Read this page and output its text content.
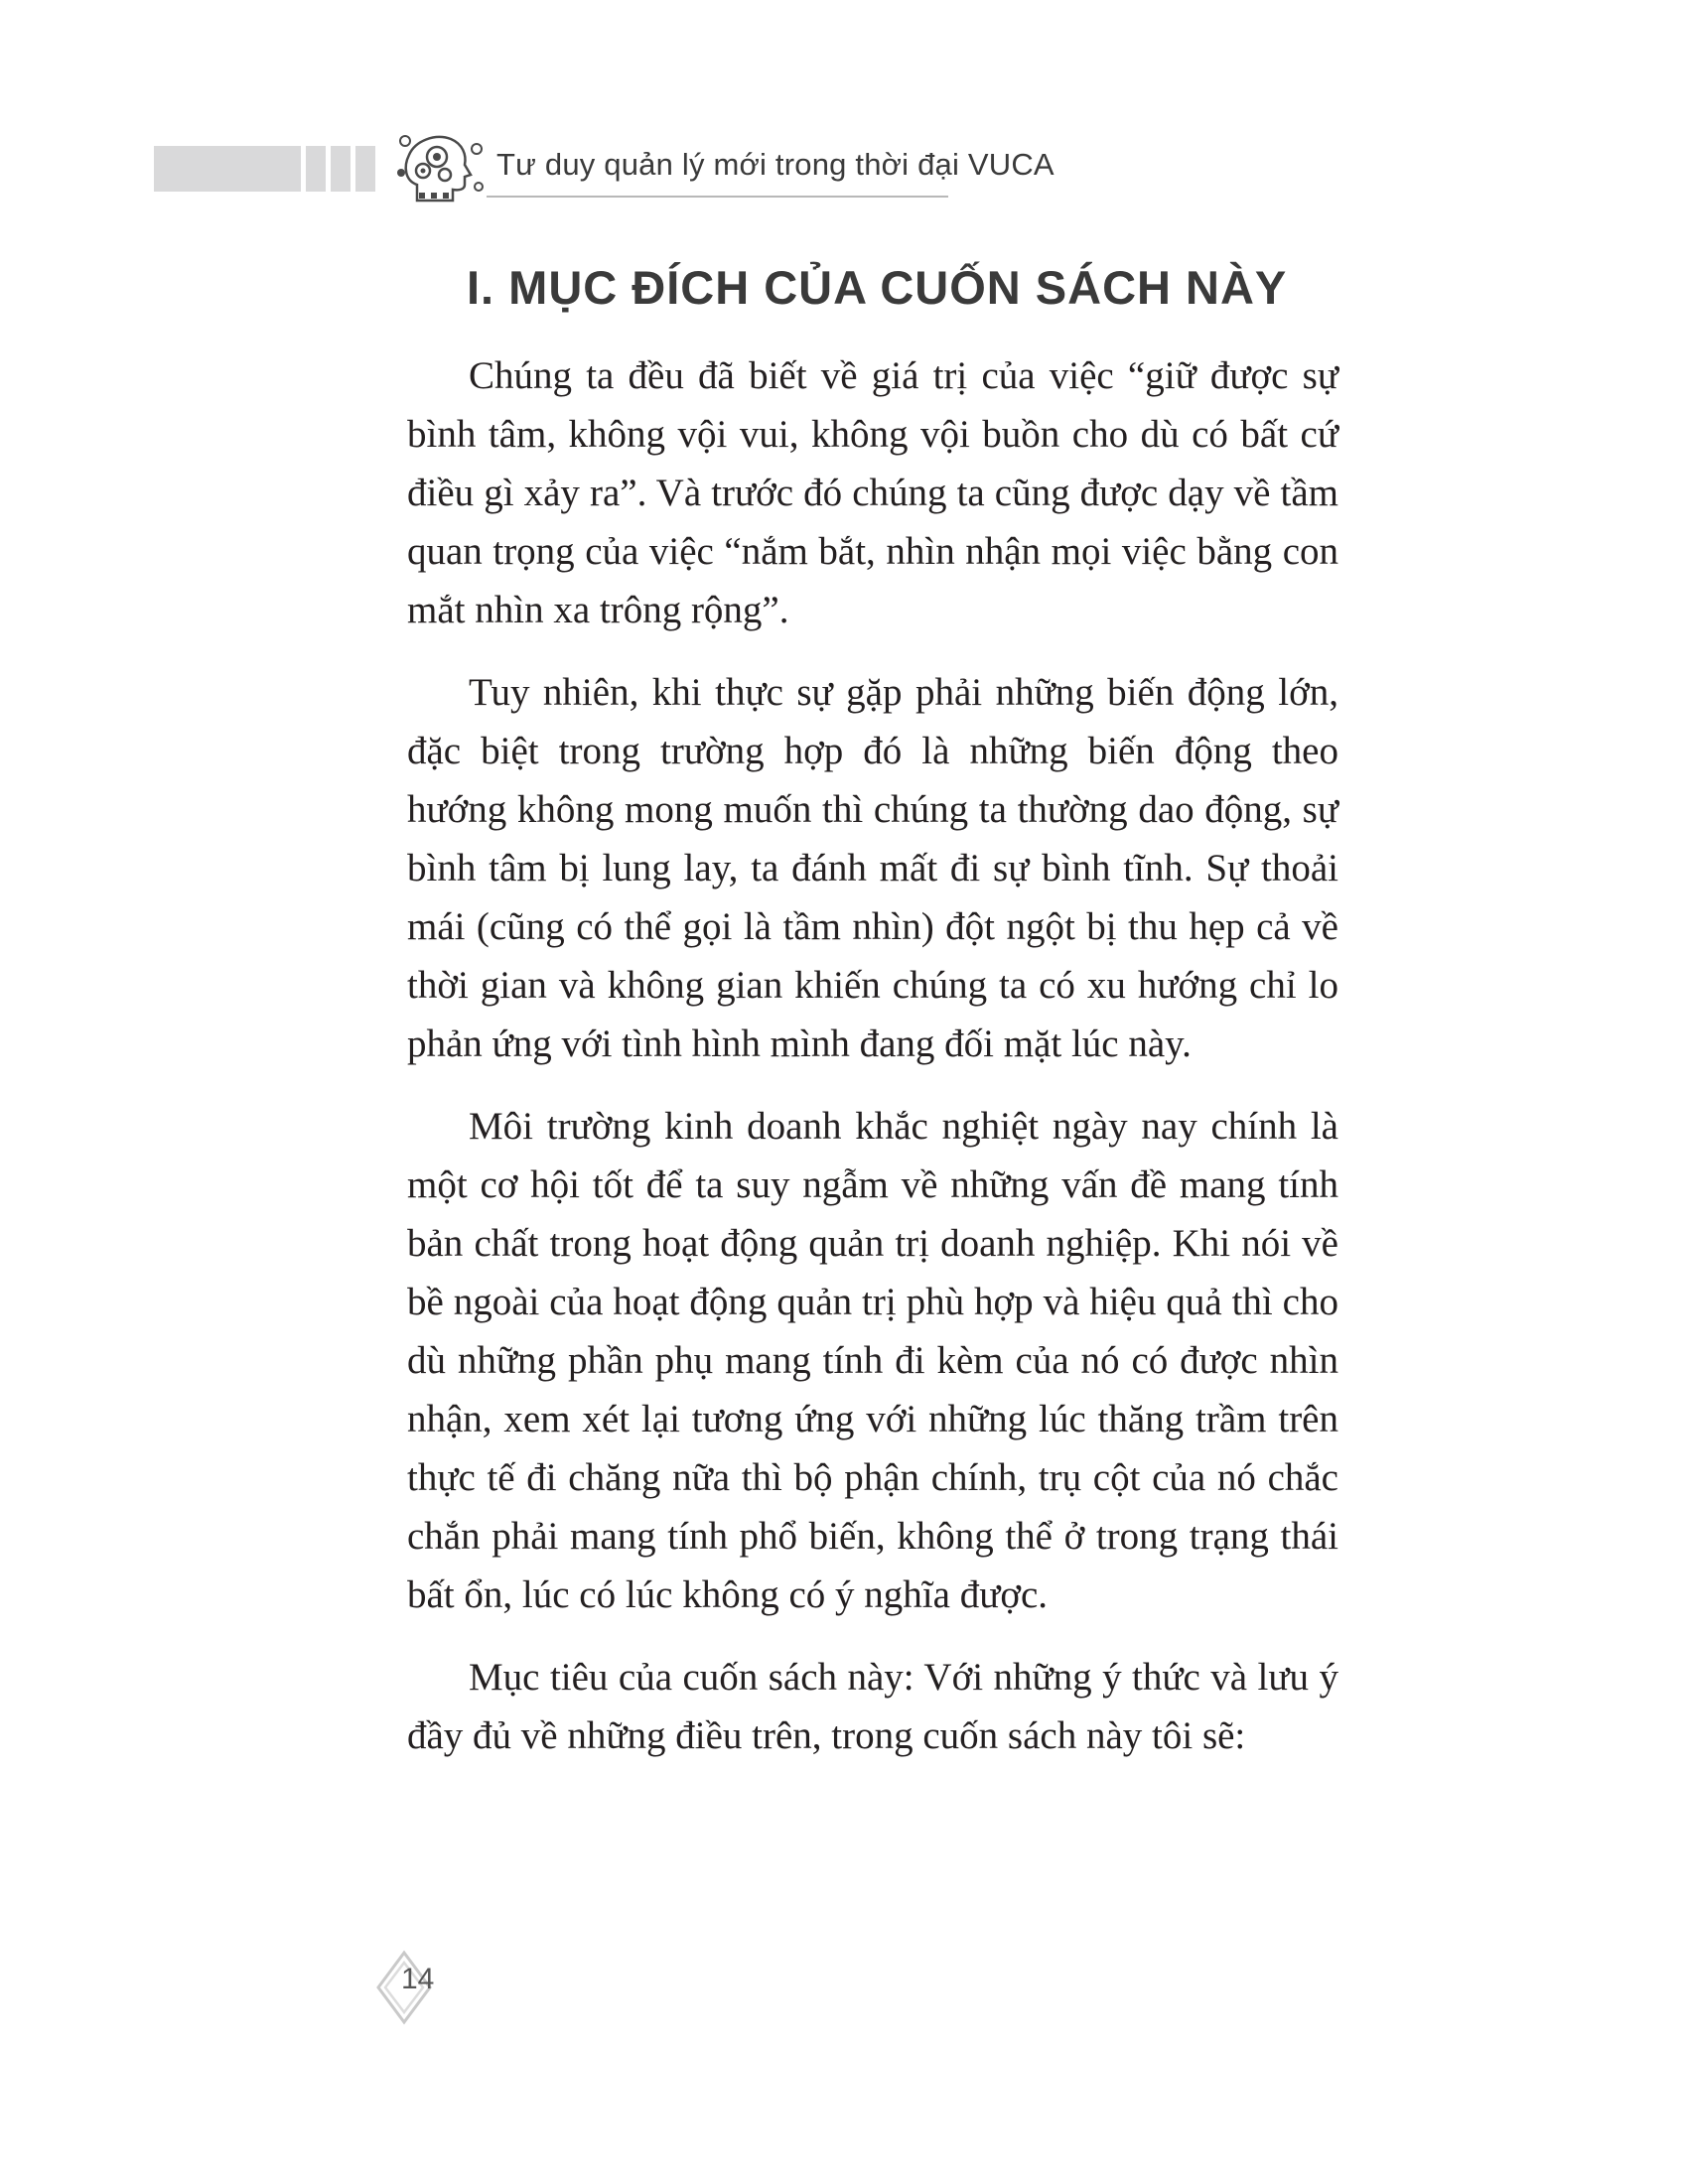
Tư duy quản lý mới trong thời đại VUCA
I. MỤC ĐÍCH CỦA CUỐN SÁCH NÀY

Chúng ta đều đã biết về giá trị của việc “giữ được sự bình tâm, không vội vui, không vội buồn cho dù có bất cứ điều gì xảy ra”. Và trước đó chúng ta cũng được dạy về tầm quan trọng của việc “nắm bắt, nhìn nhận mọi việc bằng con mắt nhìn xa trông rộng”.

Tuy nhiên, khi thực sự gặp phải những biến động lớn, đặc biệt trong trường hợp đó là những biến động theo hướng không mong muốn thì chúng ta thường dao động, sự bình tâm bị lung lay, ta đánh mất đi sự bình tĩnh. Sự thoải mái (cũng có thể gọi là tầm nhìn) đột ngột bị thu hẹp cả về thời gian và không gian khiến chúng ta có xu hướng chỉ lo phản ứng với tình hình mình đang đối mặt lúc này.

Môi trường kinh doanh khắc nghiệt ngày nay chính là một cơ hội tốt để ta suy ngẫm về những vấn đề mang tính bản chất trong hoạt động quản trị doanh nghiệp. Khi nói về bề ngoài của hoạt động quản trị phù hợp và hiệu quả thì cho dù những phần phụ mang tính đi kèm của nó có được nhìn nhận, xem xét lại tương ứng với những lúc thăng trầm trên thực tế đi chăng nữa thì bộ phận chính, trụ cột của nó chắc chắn phải mang tính phổ biến, không thể ở trong trạng thái bất ổn, lúc có lúc không có ý nghĩa được.

Mục tiêu của cuốn sách này: Với những ý thức và lưu ý đầy đủ về những điều trên, trong cuốn sách này tôi sẽ:

14
